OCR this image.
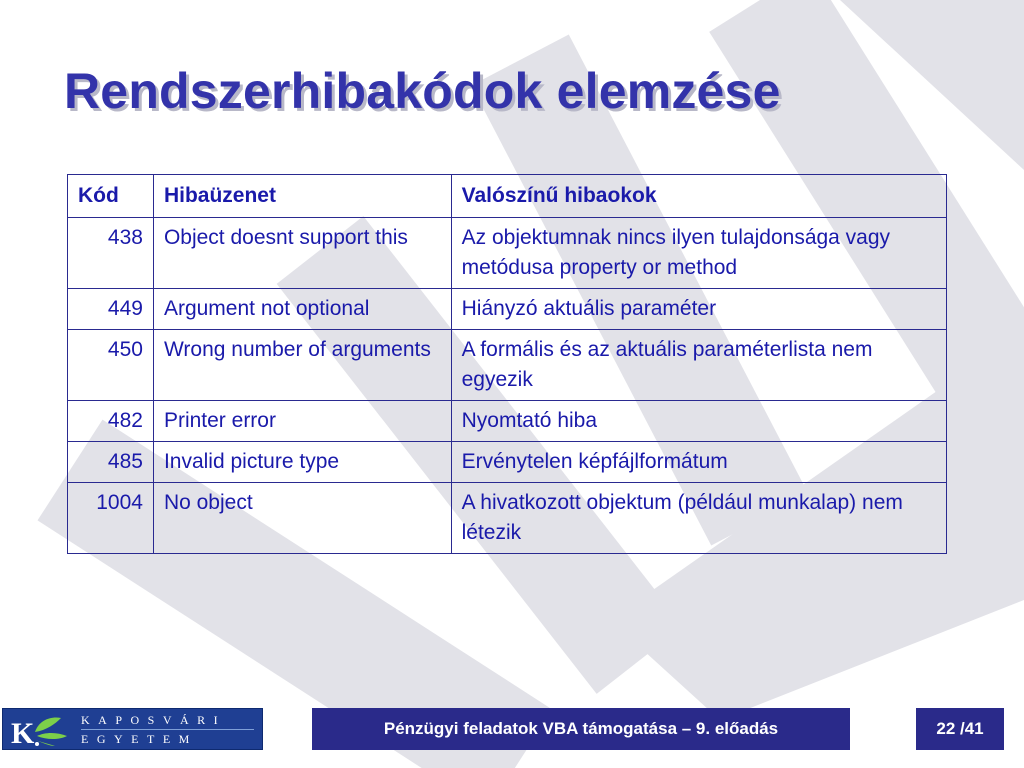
Rendszerhibakódok elemzése
Kód	Hibaüzenet	Valószínű hibaokok
438	Object doesnt support this	Az objektumnak nincs ilyen tulajdonsága vagy metódusa property or method
449	Argument not optional	Hiányzó aktuális paraméter
450	Wrong number of arguments	A formális és az aktuális paraméterlista nem egyezik
482	Printer error	Nyomtató hiba
485	Invalid picture type	Ervénytelen képfájlformátum
1004	No object	A hivatkozott objektum (például munkalap) nem létezik
K	KAPOSVÁRI
EGYETEM
Pénzügyi feladatok VBA támogatása – 9. előadás	22 /41
